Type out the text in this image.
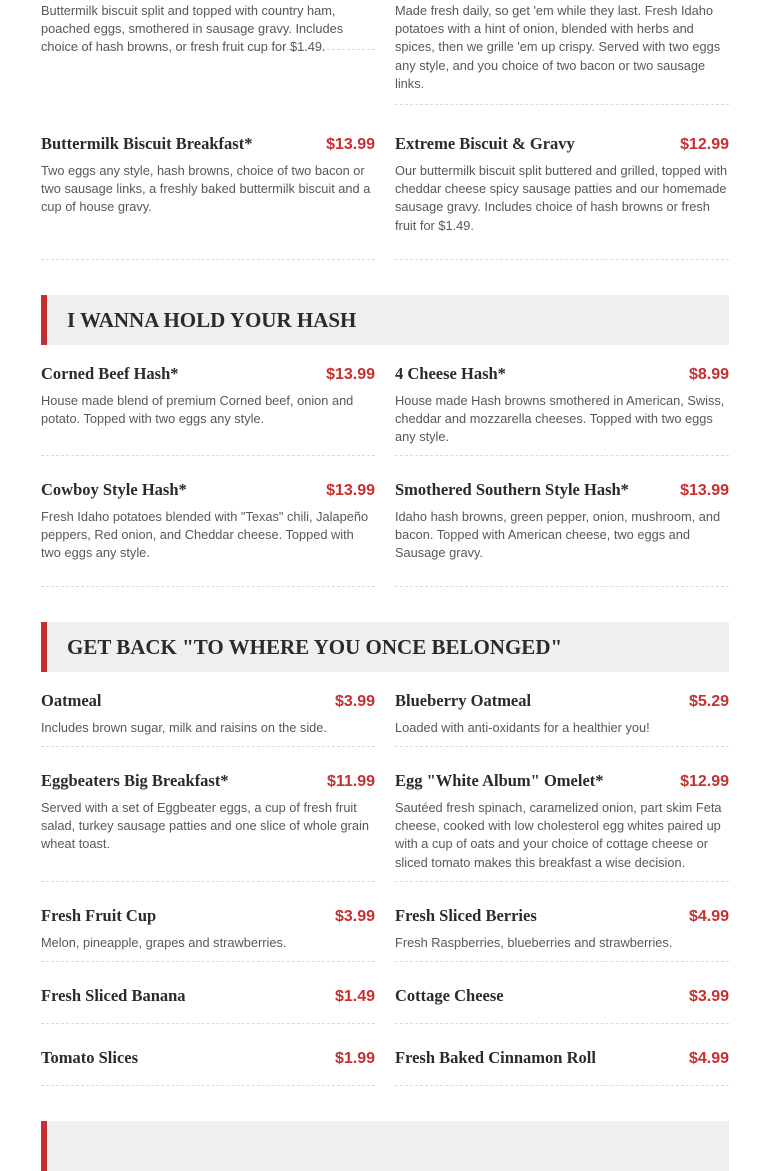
Buttermilk biscuit split and topped with country ham, poached eggs, smothered in sausage gravy. Includes choice of hash browns, or fresh fruit cup for $1.49.
Made fresh daily, so get 'em while they last. Fresh Idaho potatoes with a hint of onion, blended with herbs and spices, then we grille 'em up crispy. Served with two eggs any style, and you choice of two bacon or two sausage links.
Buttermilk Biscuit Breakfast*	$13.99
Two eggs any style, hash browns, choice of two bacon or two sausage links, a freshly baked buttermilk biscuit and a cup of house gravy.
Extreme Biscuit & Gravy	$12.99
Our buttermilk biscuit split buttered and grilled, topped with cheddar cheese spicy sausage patties and our homemade sausage gravy. Includes choice of hash browns or fresh fruit for $1.49.
I WANNA HOLD YOUR HASH
Corned Beef Hash*	$13.99
House made blend of premium Corned beef, onion and potato. Topped with two eggs any style.
4 Cheese Hash*	$8.99
House made Hash browns smothered in American, Swiss, cheddar and mozzarella cheeses. Topped with two eggs any style.
Cowboy Style Hash*	$13.99
Fresh Idaho potatoes blended with "Texas" chili, Jalapeño peppers, Red onion, and Cheddar cheese. Topped with two eggs any style.
Smothered Southern Style Hash*	$13.99
Idaho hash browns, green pepper, onion, mushroom, and bacon. Topped with American cheese, two eggs and Sausage gravy.
GET BACK "TO WHERE YOU ONCE BELONGED"
Oatmeal	$3.99
Includes brown sugar, milk and raisins on the side.
Blueberry Oatmeal	$5.29
Loaded with anti-oxidants for a healthier you!
Eggbeaters Big Breakfast*	$11.99
Served with a set of Eggbeater eggs, a cup of fresh fruit salad, turkey sausage patties and one slice of whole grain wheat toast.
Egg "White Album" Omelet*	$12.99
Sautéed fresh spinach, caramelized onion, part skim Feta cheese, cooked with low cholesterol egg whites paired up with a cup of oats and your choice of cottage cheese or sliced tomato makes this breakfast a wise decision.
Fresh Fruit Cup	$3.99
Melon, pineapple, grapes and strawberries.
Fresh Sliced Berries	$4.99
Fresh Raspberries, blueberries and strawberries.
Fresh Sliced Banana	$1.49 Cottage Cheese	$3.99
Tomato Slices	$1.99 Fresh Baked Cinnamon Roll	$4.99
